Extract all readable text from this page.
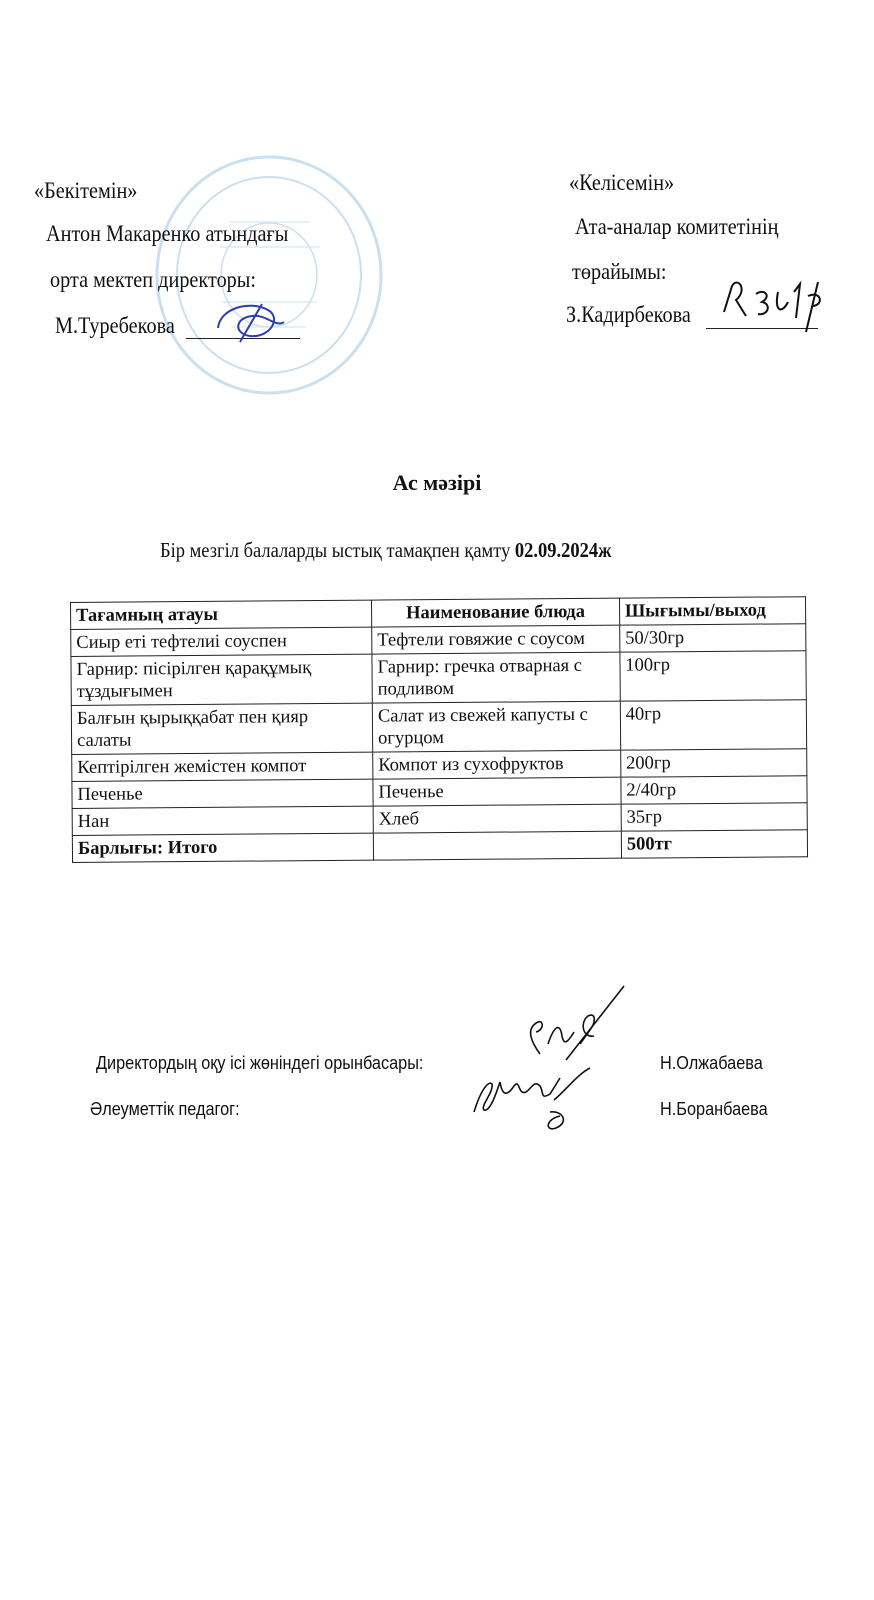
«Бекітемін»
Антон Макаренко атындағы
орта мектеп директоры:
М.Туребекова
«Келісемін»
Ата-аналар комитетінің
төрайымы:
З.Кадирбекова
Ас мәзірі
Бір мезгіл балаларды ыстық тамақпен қамту 02.09.2024ж
Тағамның атауы	Наименование блюда	Шығымы/выход
Сиыр еті тефтелиі соуспен	Тефтели говяжие с соусом	50/30гр
Гарнир: пісірілген қарақұмық тұздығымен	Гарнир: гречка отварная с подливом	100гр
Балғын қырыққабат пен қияр салаты	Салат из свежей капусты с огурцом	40гр
Кептірілген жемістен компот	Компот из сухофруктов	200гр
Печенье	Печенье	2/40гр
Нан	Хлеб	35гр
Барлығы: Итого		500тг
Директордың оқу ісі жөніндегі орынбасары:	Н.Олжабаева
Әлеуметтік педагог:	Н.Боранбаева
